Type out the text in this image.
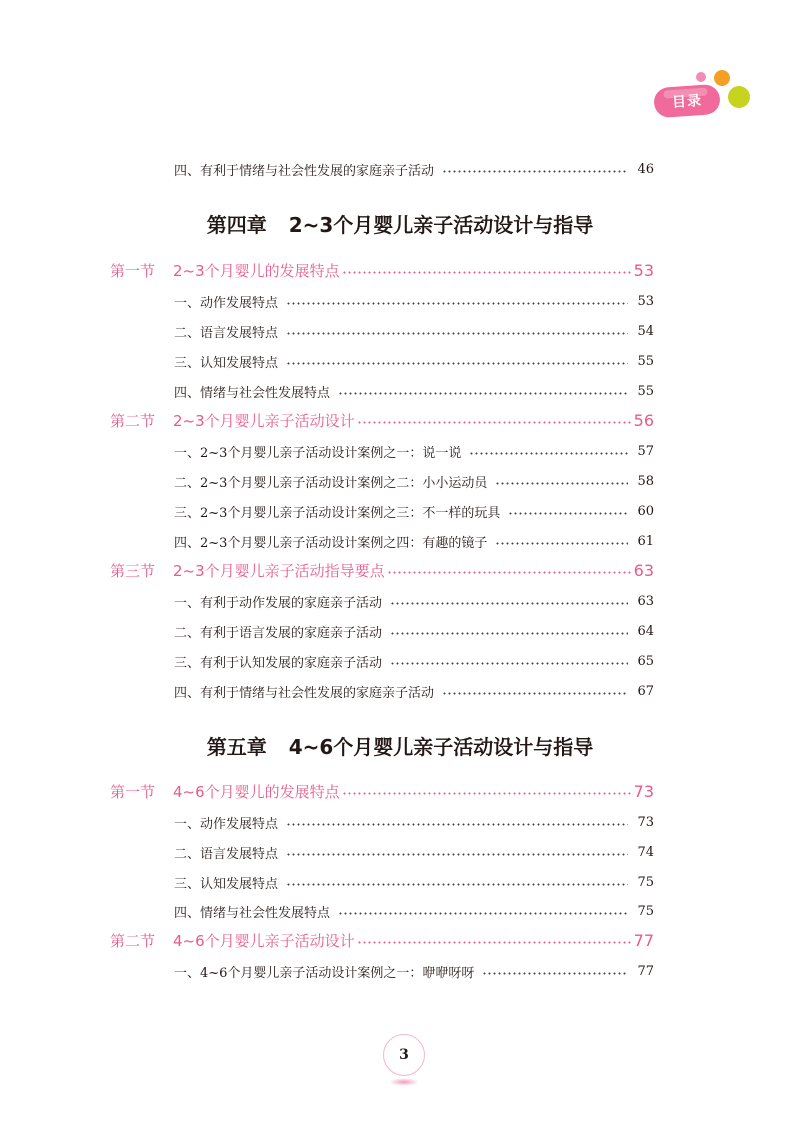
目录
四、有利于情绪与社会性发展的家庭亲子活动	46
第四章 2~3个月婴儿亲子活动设计与指导
第一节 2~3个月婴儿的发展特点	53
一、动作发展特点	53
二、语言发展特点	54
三、认知发展特点	55
四、情绪与社会性发展特点	55
第二节 2~3个月婴儿亲子活动设计	56
一、2~3个月婴儿亲子活动设计案例之一：说一说	57
二、2~3个月婴儿亲子活动设计案例之二：小小运动员	58
三、2~3个月婴儿亲子活动设计案例之三：不一样的玩具	60
四、2~3个月婴儿亲子活动设计案例之四：有趣的镜子	61
第三节 2~3个月婴儿亲子活动指导要点	63
一、有利于动作发展的家庭亲子活动	63
二、有利于语言发展的家庭亲子活动	64
三、有利于认知发展的家庭亲子活动	65
四、有利于情绪与社会性发展的家庭亲子活动	67
第五章 4~6个月婴儿亲子活动设计与指导
第一节 4~6个月婴儿的发展特点	73
一、动作发展特点	73
二、语言发展特点	74
三、认知发展特点	75
四、情绪与社会性发展特点	75
第二节 4~6个月婴儿亲子活动设计	77
一、4~6个月婴儿亲子活动设计案例之一：咿咿呀呀	77
3
